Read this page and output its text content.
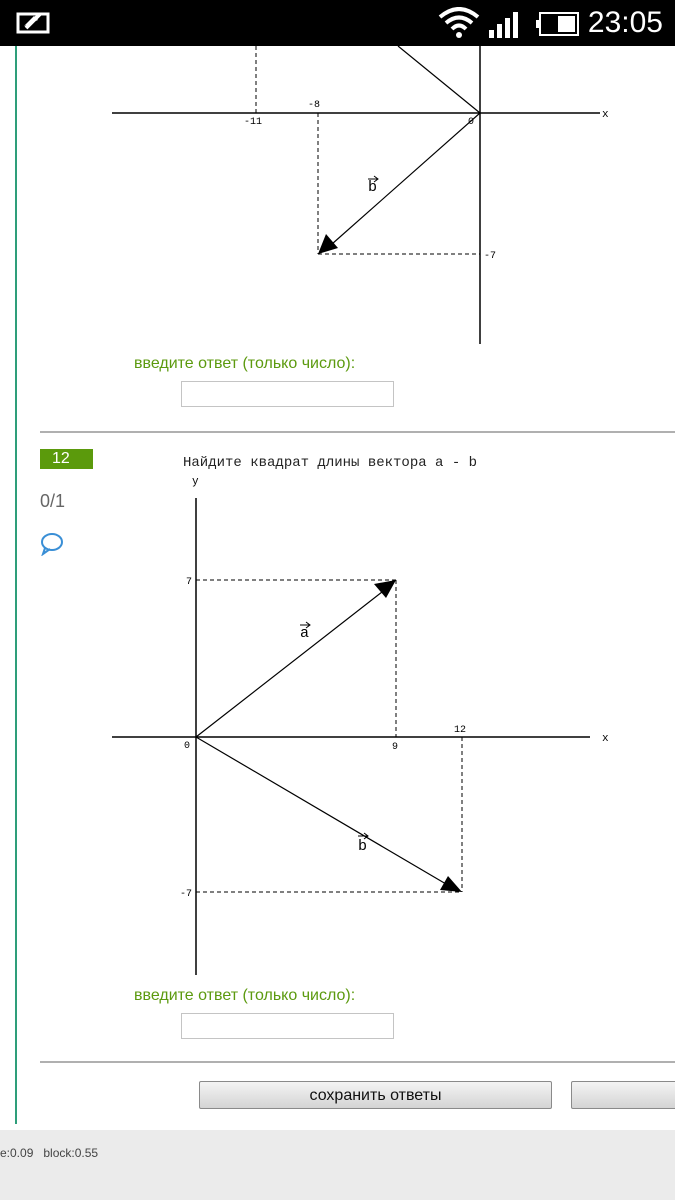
23:05
x
-11
-8
0
-7
b
введите ответ (только число):
12
0/1
Найдите квадрат длины вектора a - b
x
y
0	9
12
7
-7
a
b
введите ответ (только число):
сохранить ответы
e:0.09   block:0.55
